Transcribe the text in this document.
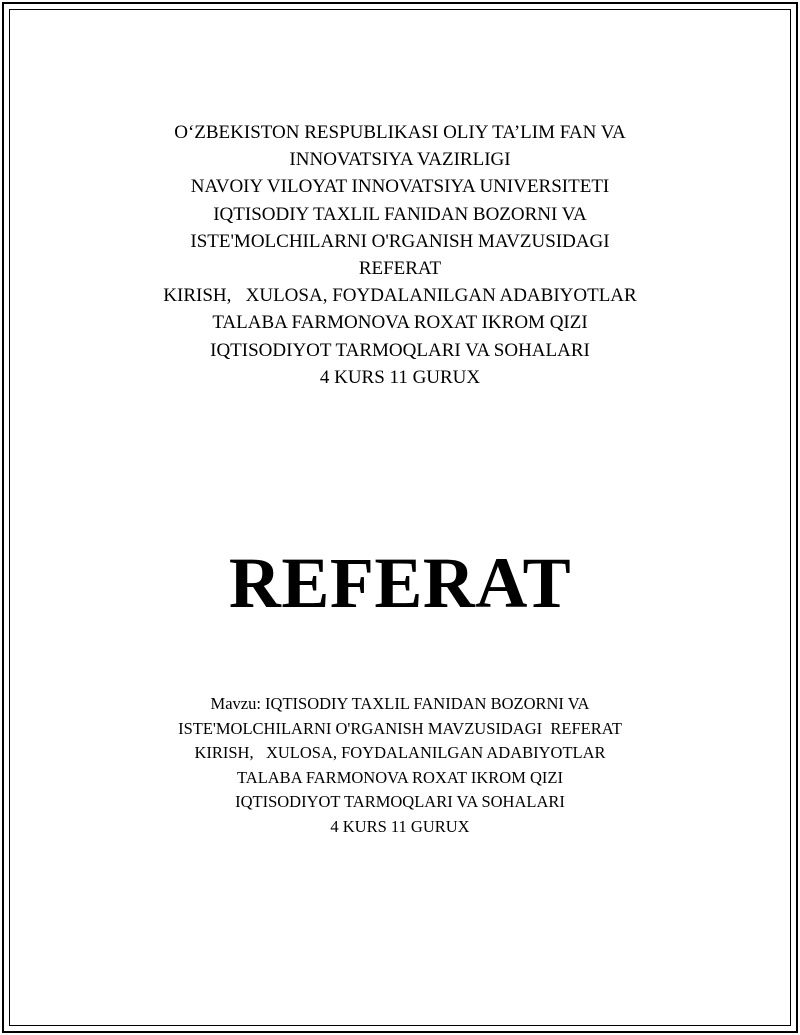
O‘ZBEKISTON RESPUBLIKASI OLIY TA’LIM FAN VA
INNOVATSIYA VAZIRLIGI
NAVOIY VILOYAT INNOVATSIYA UNIVERSITETI
IQTISODIY TAXLIL FANIDAN BOZORNI VA
ISTE'MOLCHILARNI O'RGANISH MAVZUSIDAGI
REFERAT
KIRISH,   XULOSA, FOYDALANILGAN ADABIYOTLAR
TALABA FARMONOVA ROXAT IKROM QIZI
IQTISODIYOT TARMOQLARI VA SOHALARI
4 KURS 11 GURUX
REFERAT
Mavzu: IQTISODIY TAXLIL FANIDAN BOZORNI VA
ISTE'MOLCHILARNI O'RGANISH MAVZUSIDAGI  REFERAT
KIRISH,   XULOSA, FOYDALANILGAN ADABIYOTLAR
TALABA FARMONOVA ROXAT IKROM QIZI
IQTISODIYOT TARMOQLARI VA SOHALARI
4 KURS 11 GURUX
